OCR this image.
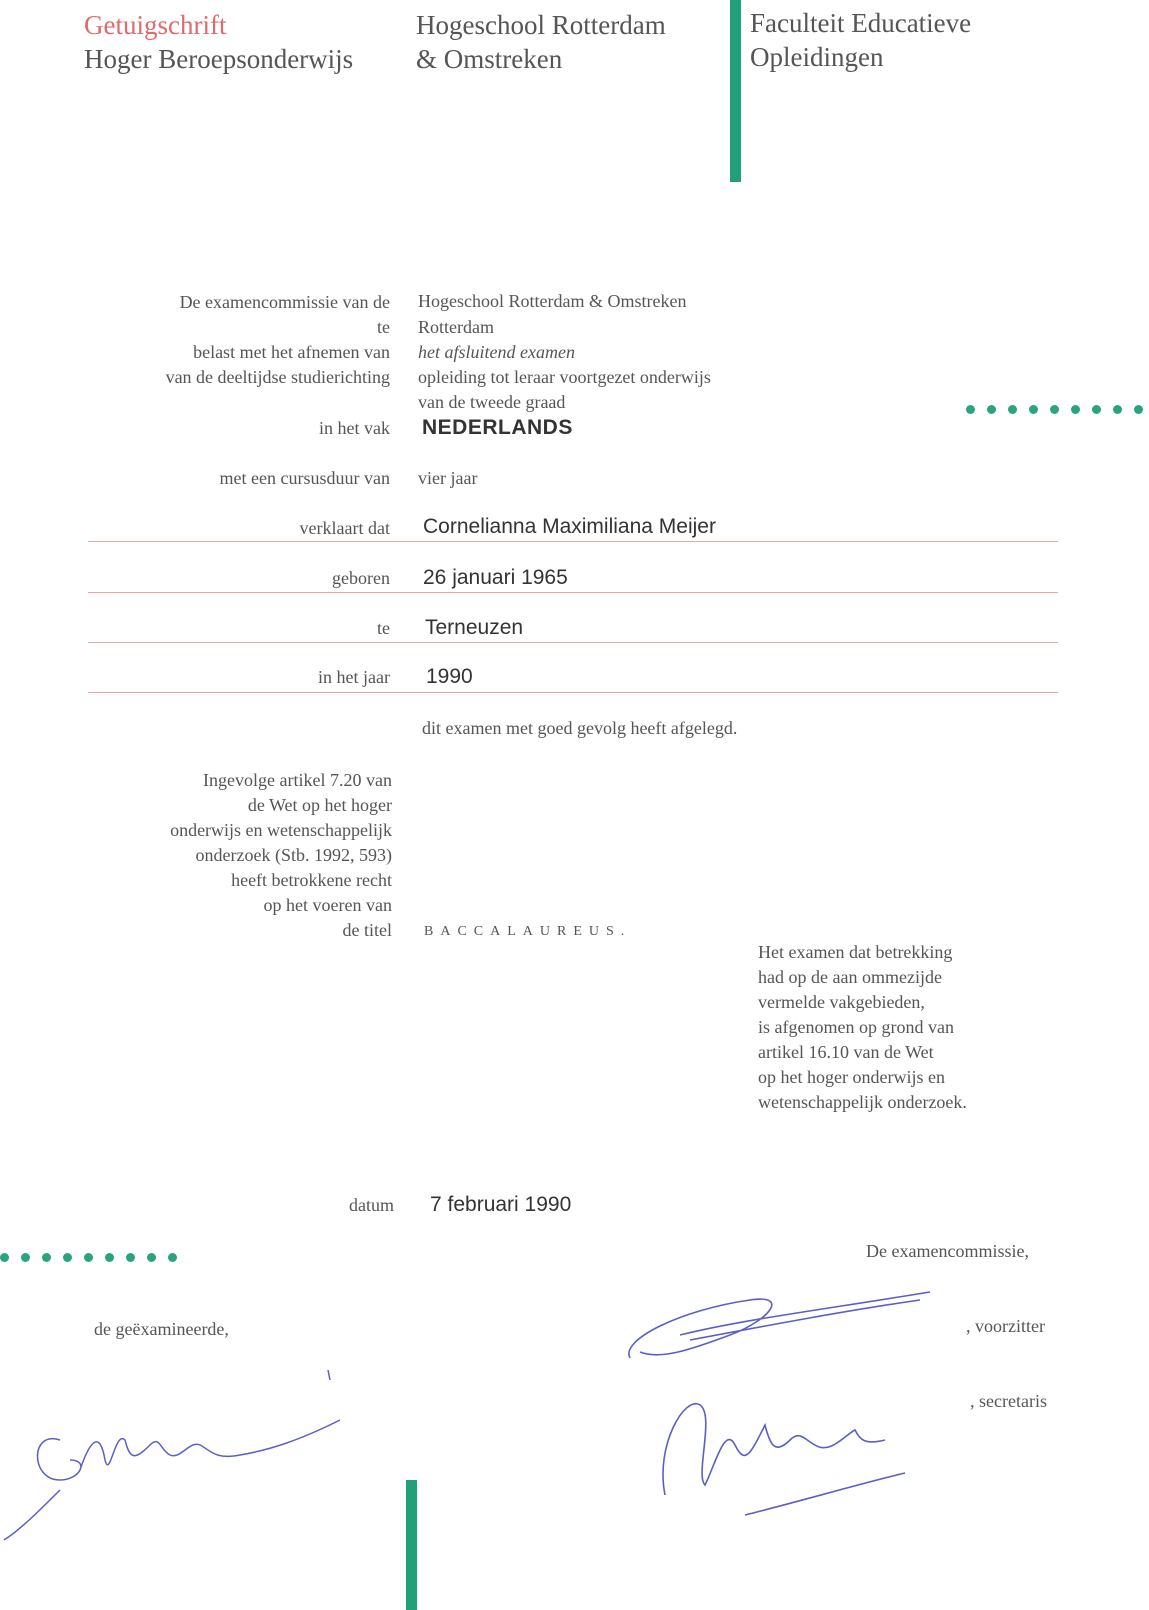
Getuigschrift
Hoger Beroepsonderwijs
Hogeschool Rotterdam
& Omstreken
Faculteit Educatieve
Opleidingen
De examencommissie van de
te
belast met het afnemen van
van de deeltijdse studierichting
Hogeschool Rotterdam & Omstreken
Rotterdam
het afsluitend examen
opleiding tot leraar voortgezet onderwijs
van de tweede graad
in het vak NEDERLANDS
met een cursusduur van vier jaar
verklaart dat Cornelianna Maximiliana Meijer
geboren 26 januari 1965
te Terneuzen
in het jaar 1990
dit examen met goed gevolg heeft afgelegd.
Ingevolge artikel 7.20 van
de Wet op het hoger
onderwijs en wetenschappelijk
onderzoek (Stb. 1992, 593)
heeft betrokkene recht
op het voeren van
de titel BACCALAUREUS.
Het examen dat betrekking
had op de aan ommezijde
vermelde vakgebieden,
is afgenomen op grond van
artikel 16.10 van de Wet
op het hoger onderwijs en
wetenschappelijk onderzoek.
datum 7 februari 1990
De examencommissie,
de geëxamineerde,	, voorzitter
, secretaris
